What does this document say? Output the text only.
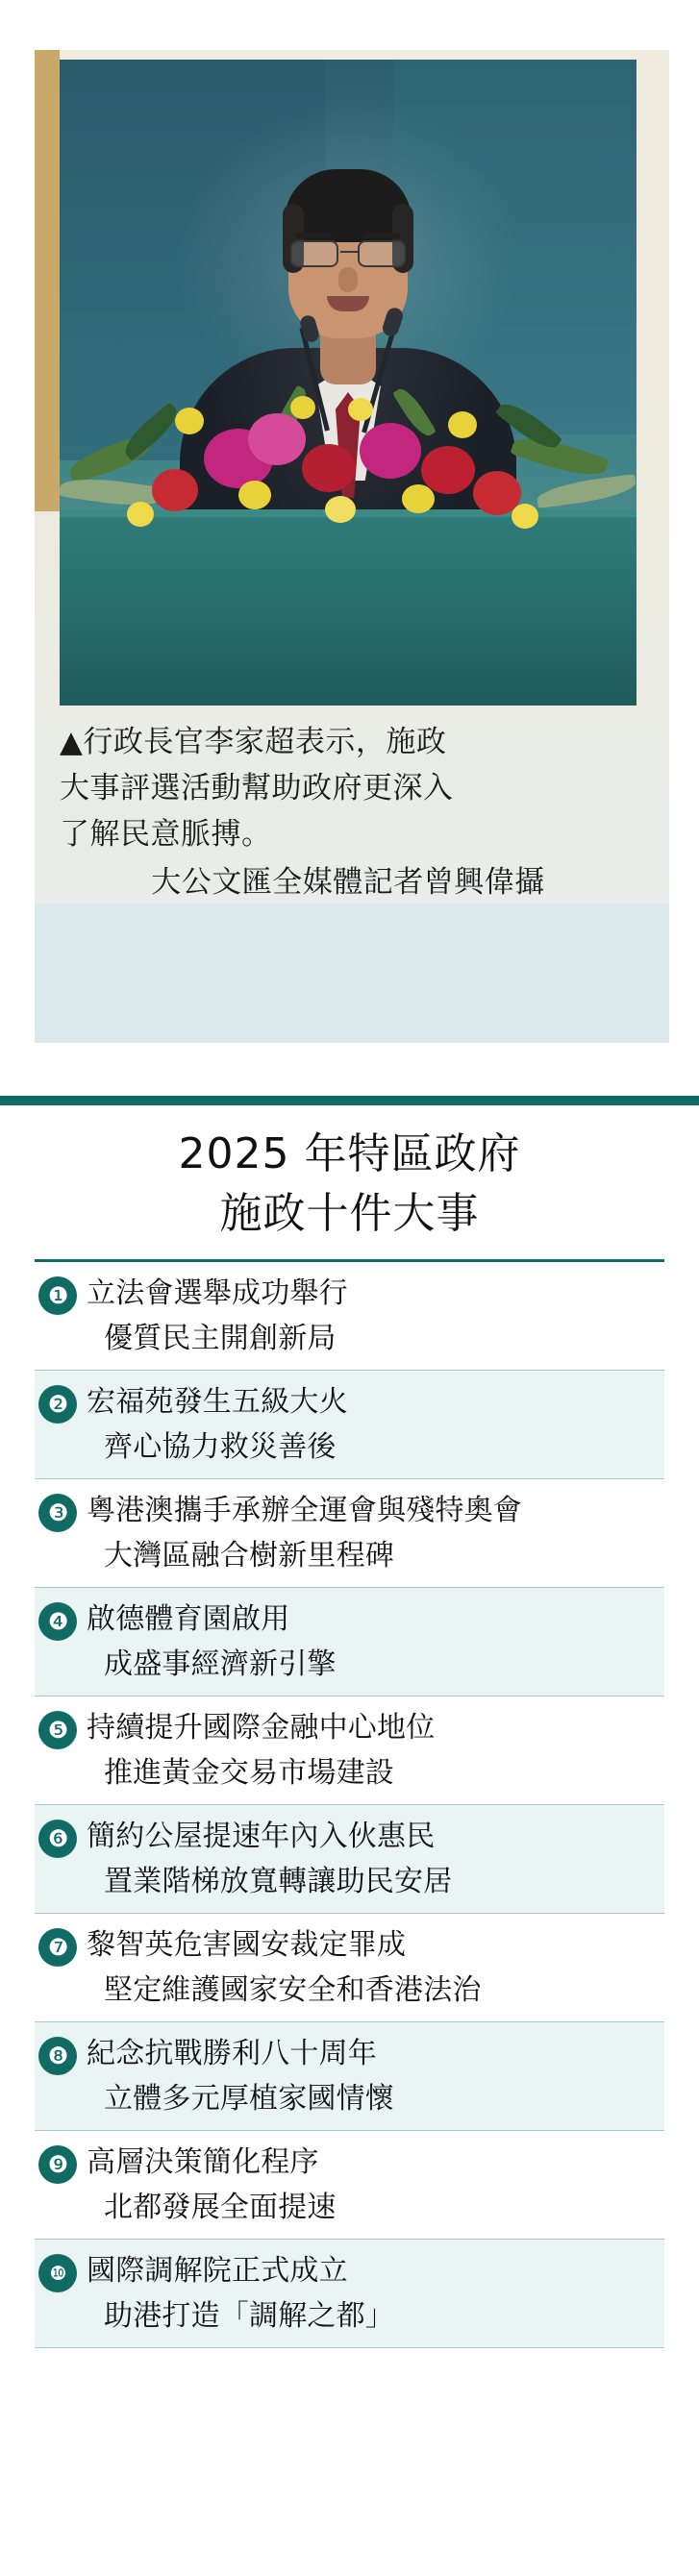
▲行政長官李家超表示，施政

大事評選活動幫助政府更深入

了解民意脈搏。

大公文匯全媒體記者曾興偉攝

2025 年特區政府
施政十件大事
❶ 立法會選舉成功舉行
優質民主開創新局
❷ 宏福苑發生五級大火
齊心協力救災善後
❸ 粵港澳攜手承辦全運會與殘特奧會
大灣區融合樹新里程碑
❹ 啟德體育園啟用
成盛事經濟新引擎
❺ 持續提升國際金融中心地位
推進黃金交易市場建設
❻ 簡約公屋提速年內入伙惠民
置業階梯放寬轉讓助民安居
❼ 黎智英危害國安裁定罪成
堅定維護國家安全和香港法治
❽ 紀念抗戰勝利八十周年
立體多元厚植家國情懷
❾ 高層決策簡化程序
北都發展全面提速
❿ 國際調解院正式成立
助港打造「調解之都」
